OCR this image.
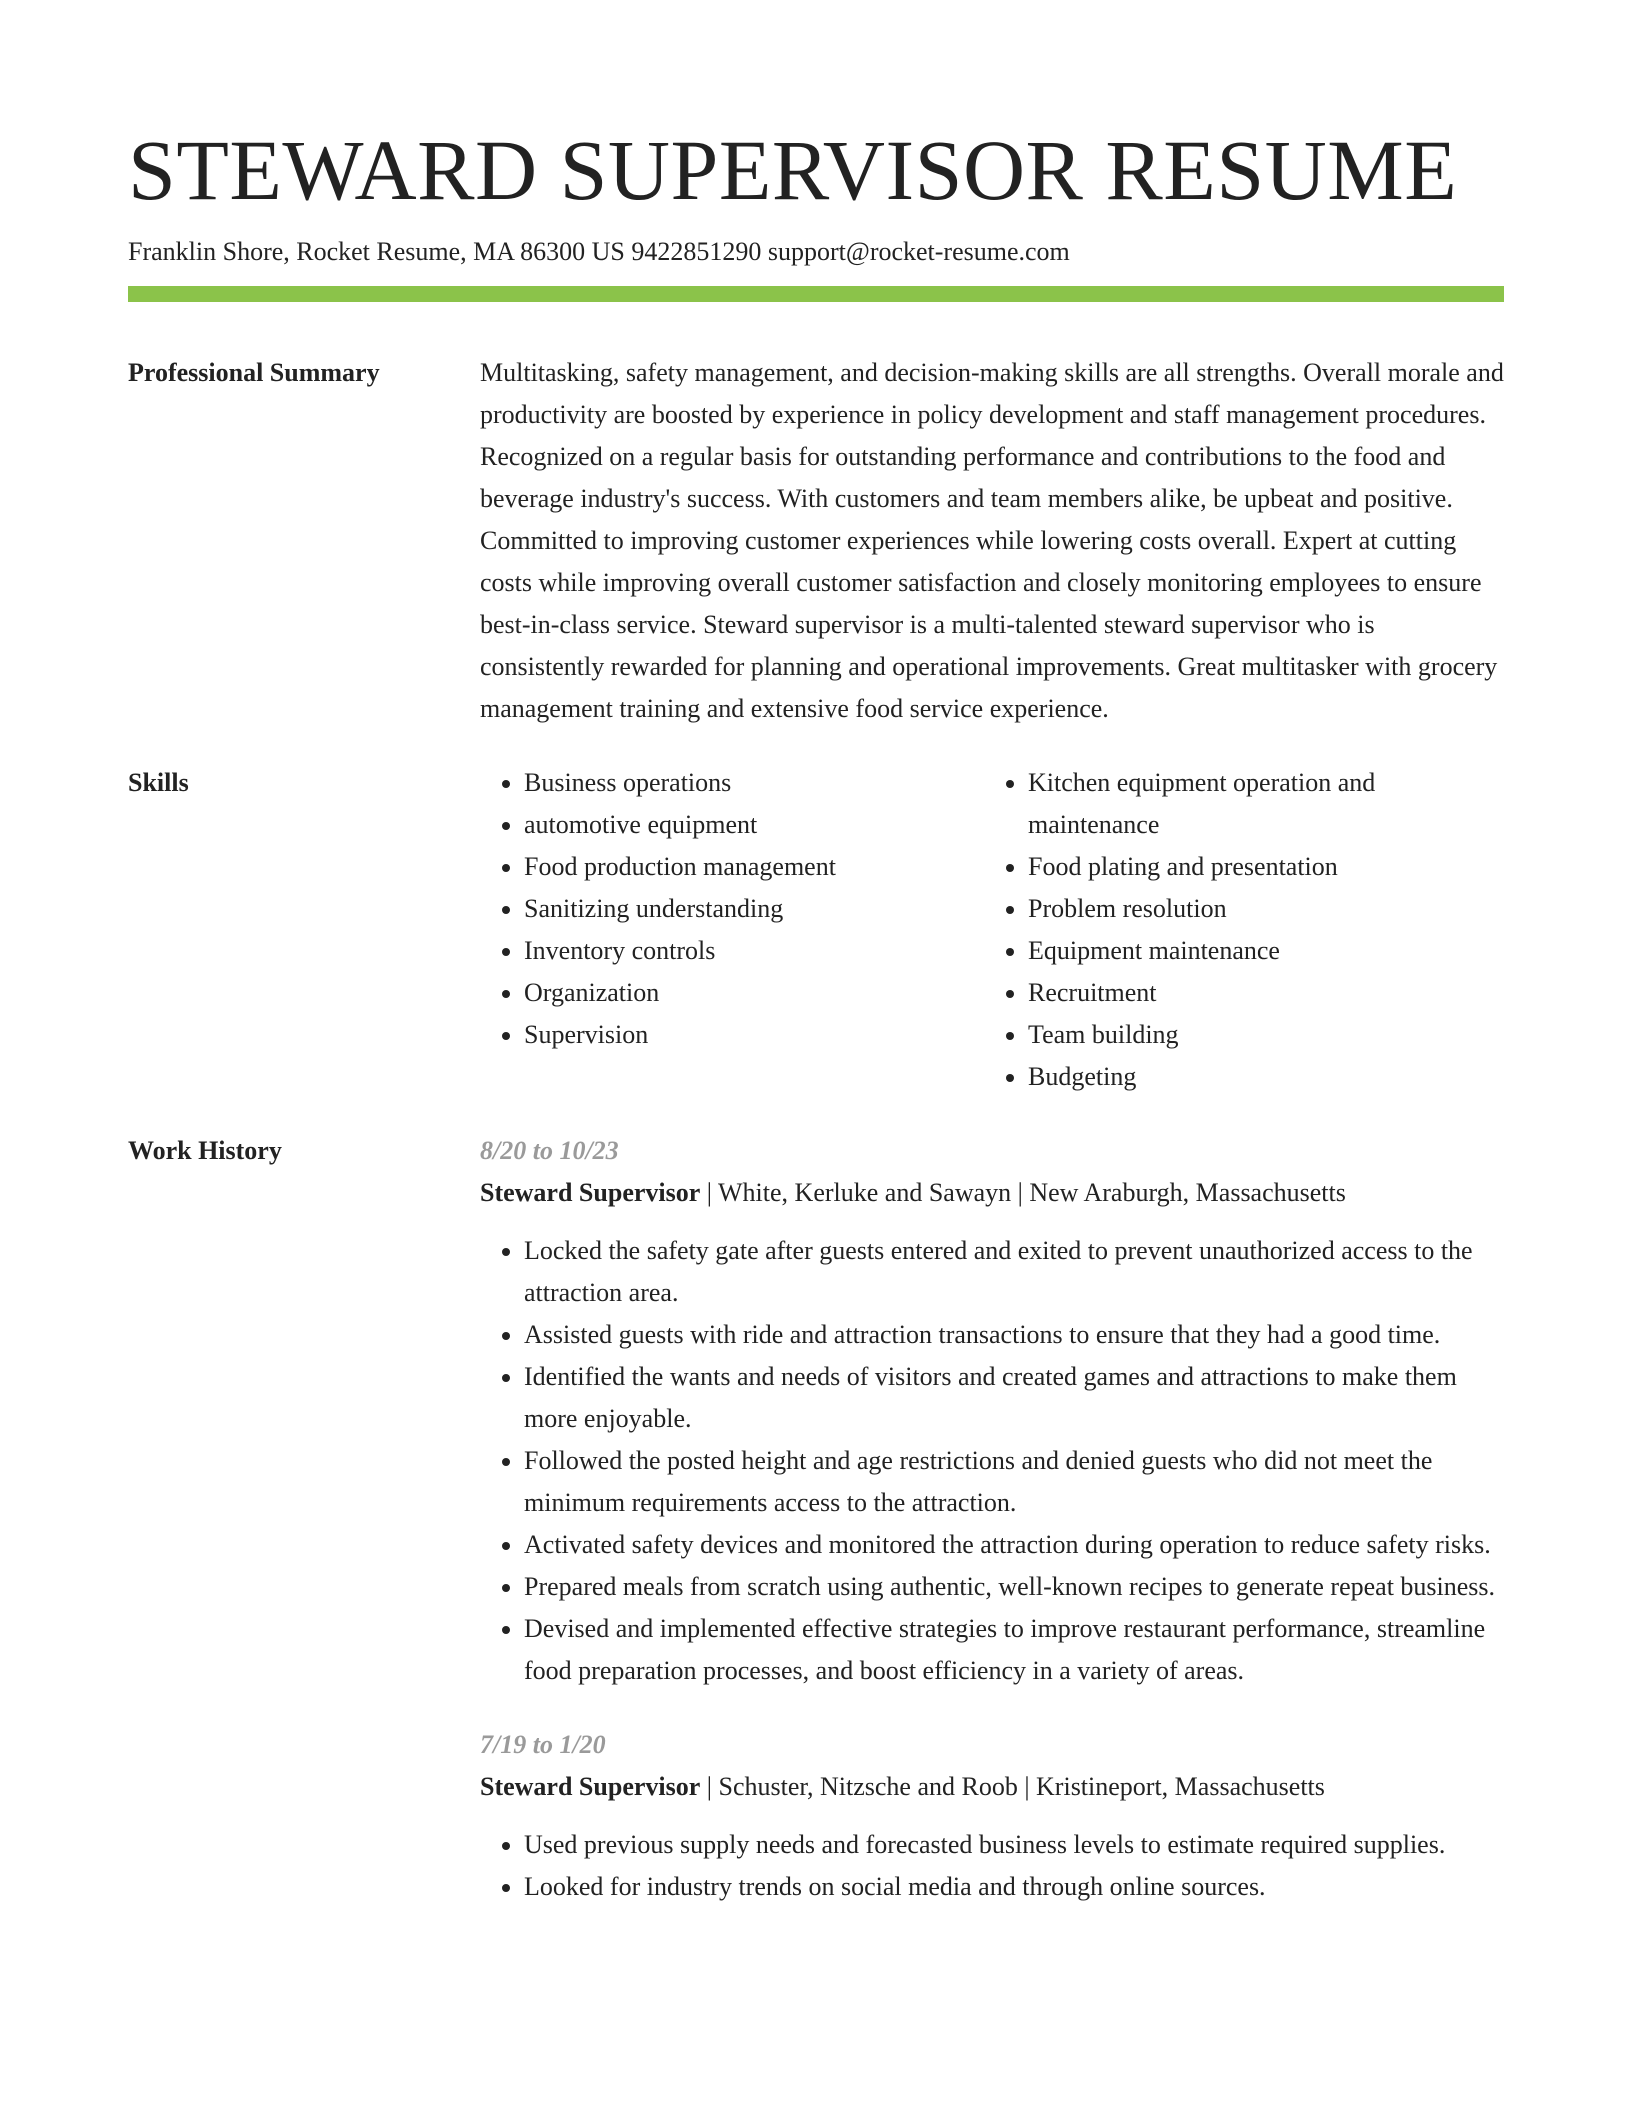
STEWARD SUPERVISOR RESUME
Franklin Shore, Rocket Resume, MA 86300 US 9422851290 support@rocket-resume.com
Professional Summary	Multitasking, safety management, and decision-making skills are all strengths. Overall morale and productivity are boosted by experience in policy development and staff management procedures. Recognized on a regular basis for outstanding performance and contributions to the food and beverage industry's success. With customers and team members alike, be upbeat and positive. Committed to improving customer experiences while lowering costs overall. Expert at cutting costs while improving overall customer satisfaction and closely monitoring employees to ensure best-in-class service. Steward supervisor is a multi-talented steward supervisor who is consistently rewarded for planning and operational improvements. Great multitasker with grocery management training and extensive food service experience.

Skills
•	Business operations
• automotive equipment
• Food production management
• Sanitizing understanding
• Inventory controls
• Organization
• Supervision
• Kitchen equipment operation and maintenance
• Food plating and presentation
• Problem resolution
• Equipment maintenance
• Recruitment
• Team building
• Budgeting
Work History	8/20 to 10/23
Steward Supervisor | White, Kerluke and Sawayn | New Araburgh, Massachusetts
• Locked the safety gate after guests entered and exited to prevent unauthorized access to the attraction area.
• Assisted guests with ride and attraction transactions to ensure that they had a good time.
• Identified the wants and needs of visitors and created games and attractions to make them more enjoyable.
• Followed the posted height and age restrictions and denied guests who did not meet the minimum requirements access to the attraction.
• Activated safety devices and monitored the attraction during operation to reduce safety risks.
• Prepared meals from scratch using authentic, well-known recipes to generate repeat business.
• Devised and implemented effective strategies to improve restaurant performance, streamline food preparation processes, and boost efficiency in a variety of areas.
7/19 to 1/20
Steward Supervisor | Schuster, Nitzsche and Roob | Kristineport, Massachusetts
• Used previous supply needs and forecasted business levels to estimate required supplies.
• Looked for industry trends on social media and through online sources.
